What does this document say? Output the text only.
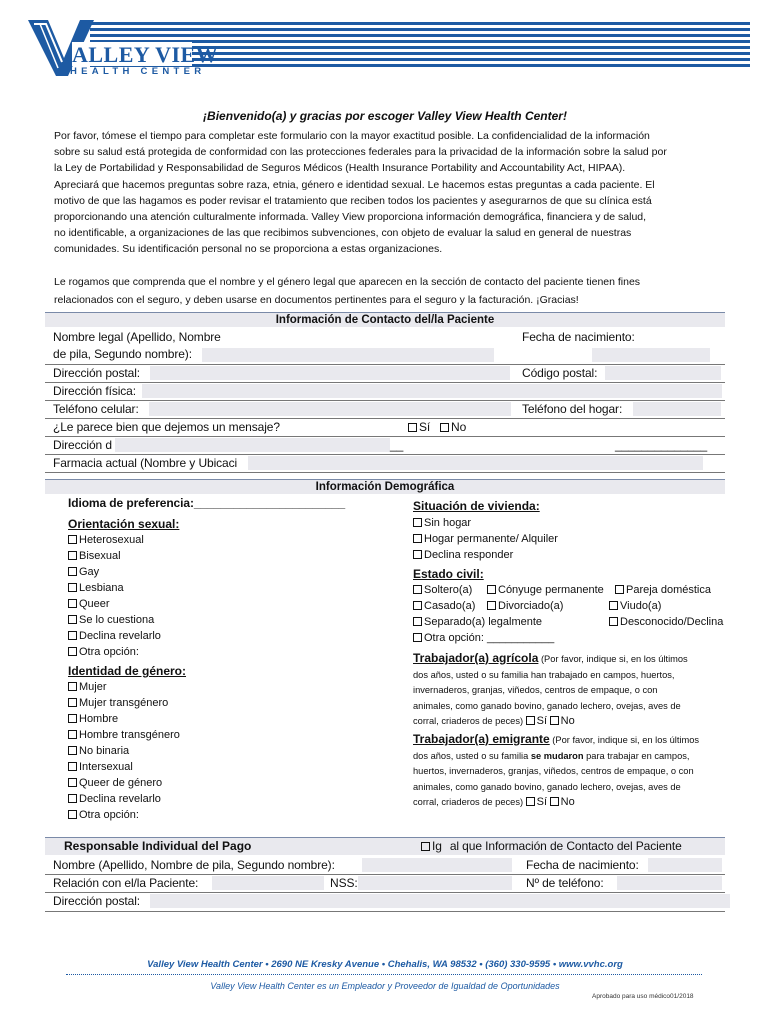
ALLEY VIEW
HEALTH CENTER
¡Bienvenido(a) y gracias por escoger Valley View Health Center!
Por favor, tómese el tiempo para completar este formulario con la mayor exactitud posible. La confidencialidad de la información
sobre su salud está protegida de conformidad con las protecciones federales para la privacidad de la información sobre la salud por
la Ley de Portabilidad y Responsabilidad de Seguros Médicos (Health Insurance Portability and Accountability Act, HIPAA).
Apreciará que hacemos preguntas sobre raza, etnia, género e identidad sexual. Le hacemos estas preguntas a cada paciente. El
motivo de que las hagamos es poder revisar el tratamiento que reciben todos los pacientes y asegurarnos de que su clínica está
proporcionando una atención culturalmente informada. Valley View proporciona información demográfica, financiera y de salud,
no identificable, a organizaciones de las que recibimos subvenciones, con objeto de evaluar la salud en general de nuestras
comunidades. Su identificación personal no se proporciona a estas organizaciones.
Le rogamos que comprenda que el nombre y el género legal que aparecen en la sección de contacto del paciente tienen fines
relacionados con el seguro, y deben usarse en documentos pertinentes para el seguro y la facturación. ¡Gracias!
Información de Contacto del/la Paciente
Nombre legal (Apellido, Nombre
de pila, Segundo nombre):
Fecha de nacimiento:
Dirección postal:	Código postal:
Dirección física:
Teléfono celular:	Teléfono del hogar:
¿Le parece bien que dejemos un mensaje?	Sí	No
Dirección d	__	______________
Farmacia actual (Nombre y Ubicaci
Información Demográfica
Idioma de preferencia:_______________________
Orientación sexual:
Heterosexual
Bisexual
Gay
Lesbiana
Queer
Se lo cuestiona
Declina revelarlo
Otra opción:
Identidad de género:
Mujer
Mujer transgénero
Hombre
Hombre transgénero
No binaria
Intersexual
Queer de género
Declina revelarlo
Otra opción:
Situación de vivienda:
Sin hogar
Hogar permanente/ Alquiler
Declina responder
Estado civil:
Soltero(a)	Cónyuge permanente	Pareja doméstica
Casado(a)	Divorciado(a)	Viudo(a)
Separado(a) legalmente	Desconocido/Declina
Otra opción: ___________
Trabajador(a) agrícola (Por favor, indique si, en los últimos
dos años, usted o su familia han trabajado en campos, huertos,
invernaderos, granjas, viñedos, centros de empaque, o con
animales, como ganado bovino, ganado lechero, ovejas, aves de
corral, criaderos de peces) Sí No
Trabajador(a) emigrante (Por favor, indique si, en los últimos
dos años, usted o su familia se mudaron para trabajar en campos,
huertos, invernaderos, granjas, viñedos, centros de empaque, o con
animales, como ganado bovino, ganado lechero, ovejas, aves de
corral, criaderos de peces) Sí No
Responsable Individual del Pago	Ig al que Información de Contacto del Paciente
Nombre (Apellido, Nombre de pila, Segundo nombre):	Fecha de nacimiento:
Relación con el/la Paciente:	NSS:	Nº de teléfono:
Dirección postal:
Valley View Health Center • 2690 NE Kresky Avenue • Chehalis, WA 98532 • (360) 330-9595 • www.vvhc.org
Valley View Health Center es un Empleador y Proveedor de Igualdad de Oportunidades
Aprobado para uso médico01/2018
